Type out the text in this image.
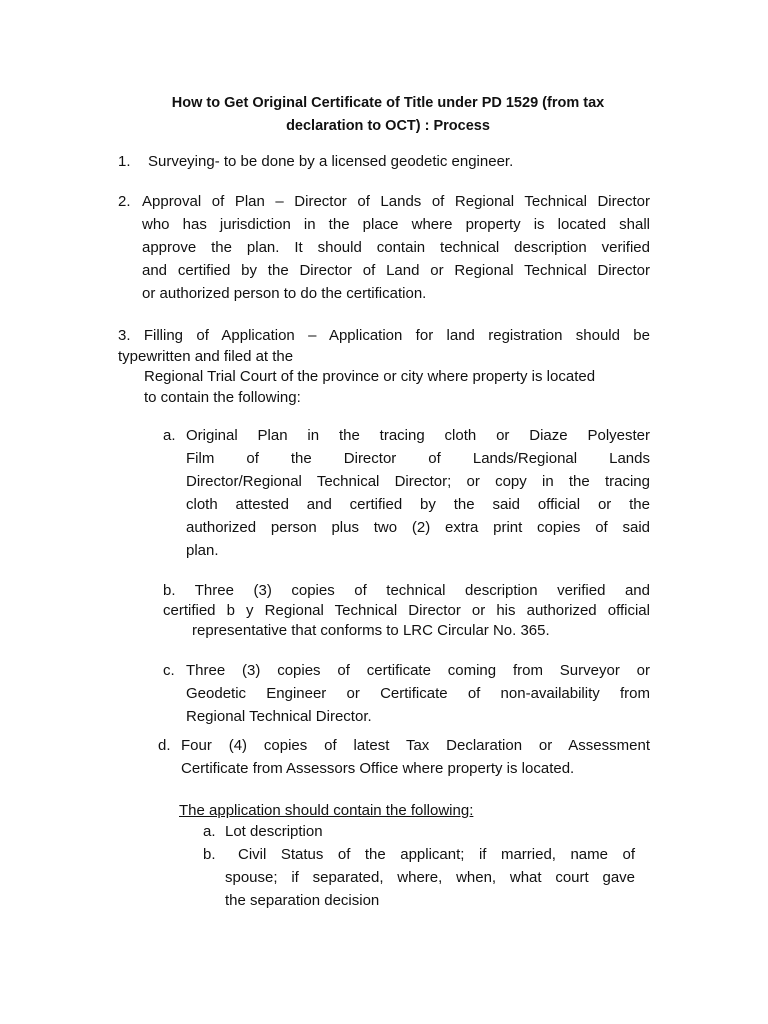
How to Get Original Certificate of Title under PD 1529 (from tax
declaration to OCT) : Process
1. Surveying- to be done by a licensed geodetic engineer.
2. Approval of Plan – Director of Lands of Regional Technical Director
who has jurisdiction in the place where property is located shall
approve the plan. It should contain technical description verified
and certified by the Director of Land or Regional Technical Director
or authorized person to do the certification.
3. Filling of Application – Application for land registration should be
typewritten and filed at the
Regional Trial Court of the province or city where property is located
to contain the following:
a. Original Plan in the tracing cloth or Diaze Polyester
Film of the Director of Lands/Regional Lands
Director/Regional Technical Director; or copy in the tracing
cloth attested and certified by the said official or the
authorized person plus two (2) extra print copies of said
plan.
b. Three (3) copies of technical description verified and
certified b y Regional Technical Director or his authorized official
representative that conforms to LRC Circular No. 365.
c. Three (3) copies of certificate coming from Surveyor or
Geodetic Engineer or Certificate of non-availability from
Regional Technical Director.
d. Four (4) copies of latest Tax Declaration or Assessment
Certificate from Assessors Office where property is located.
The application should contain the following:
a. Lot description
b. Civil Status of the applicant; if married, name of
spouse; if separated, where, when, what court gave
the separation decision
